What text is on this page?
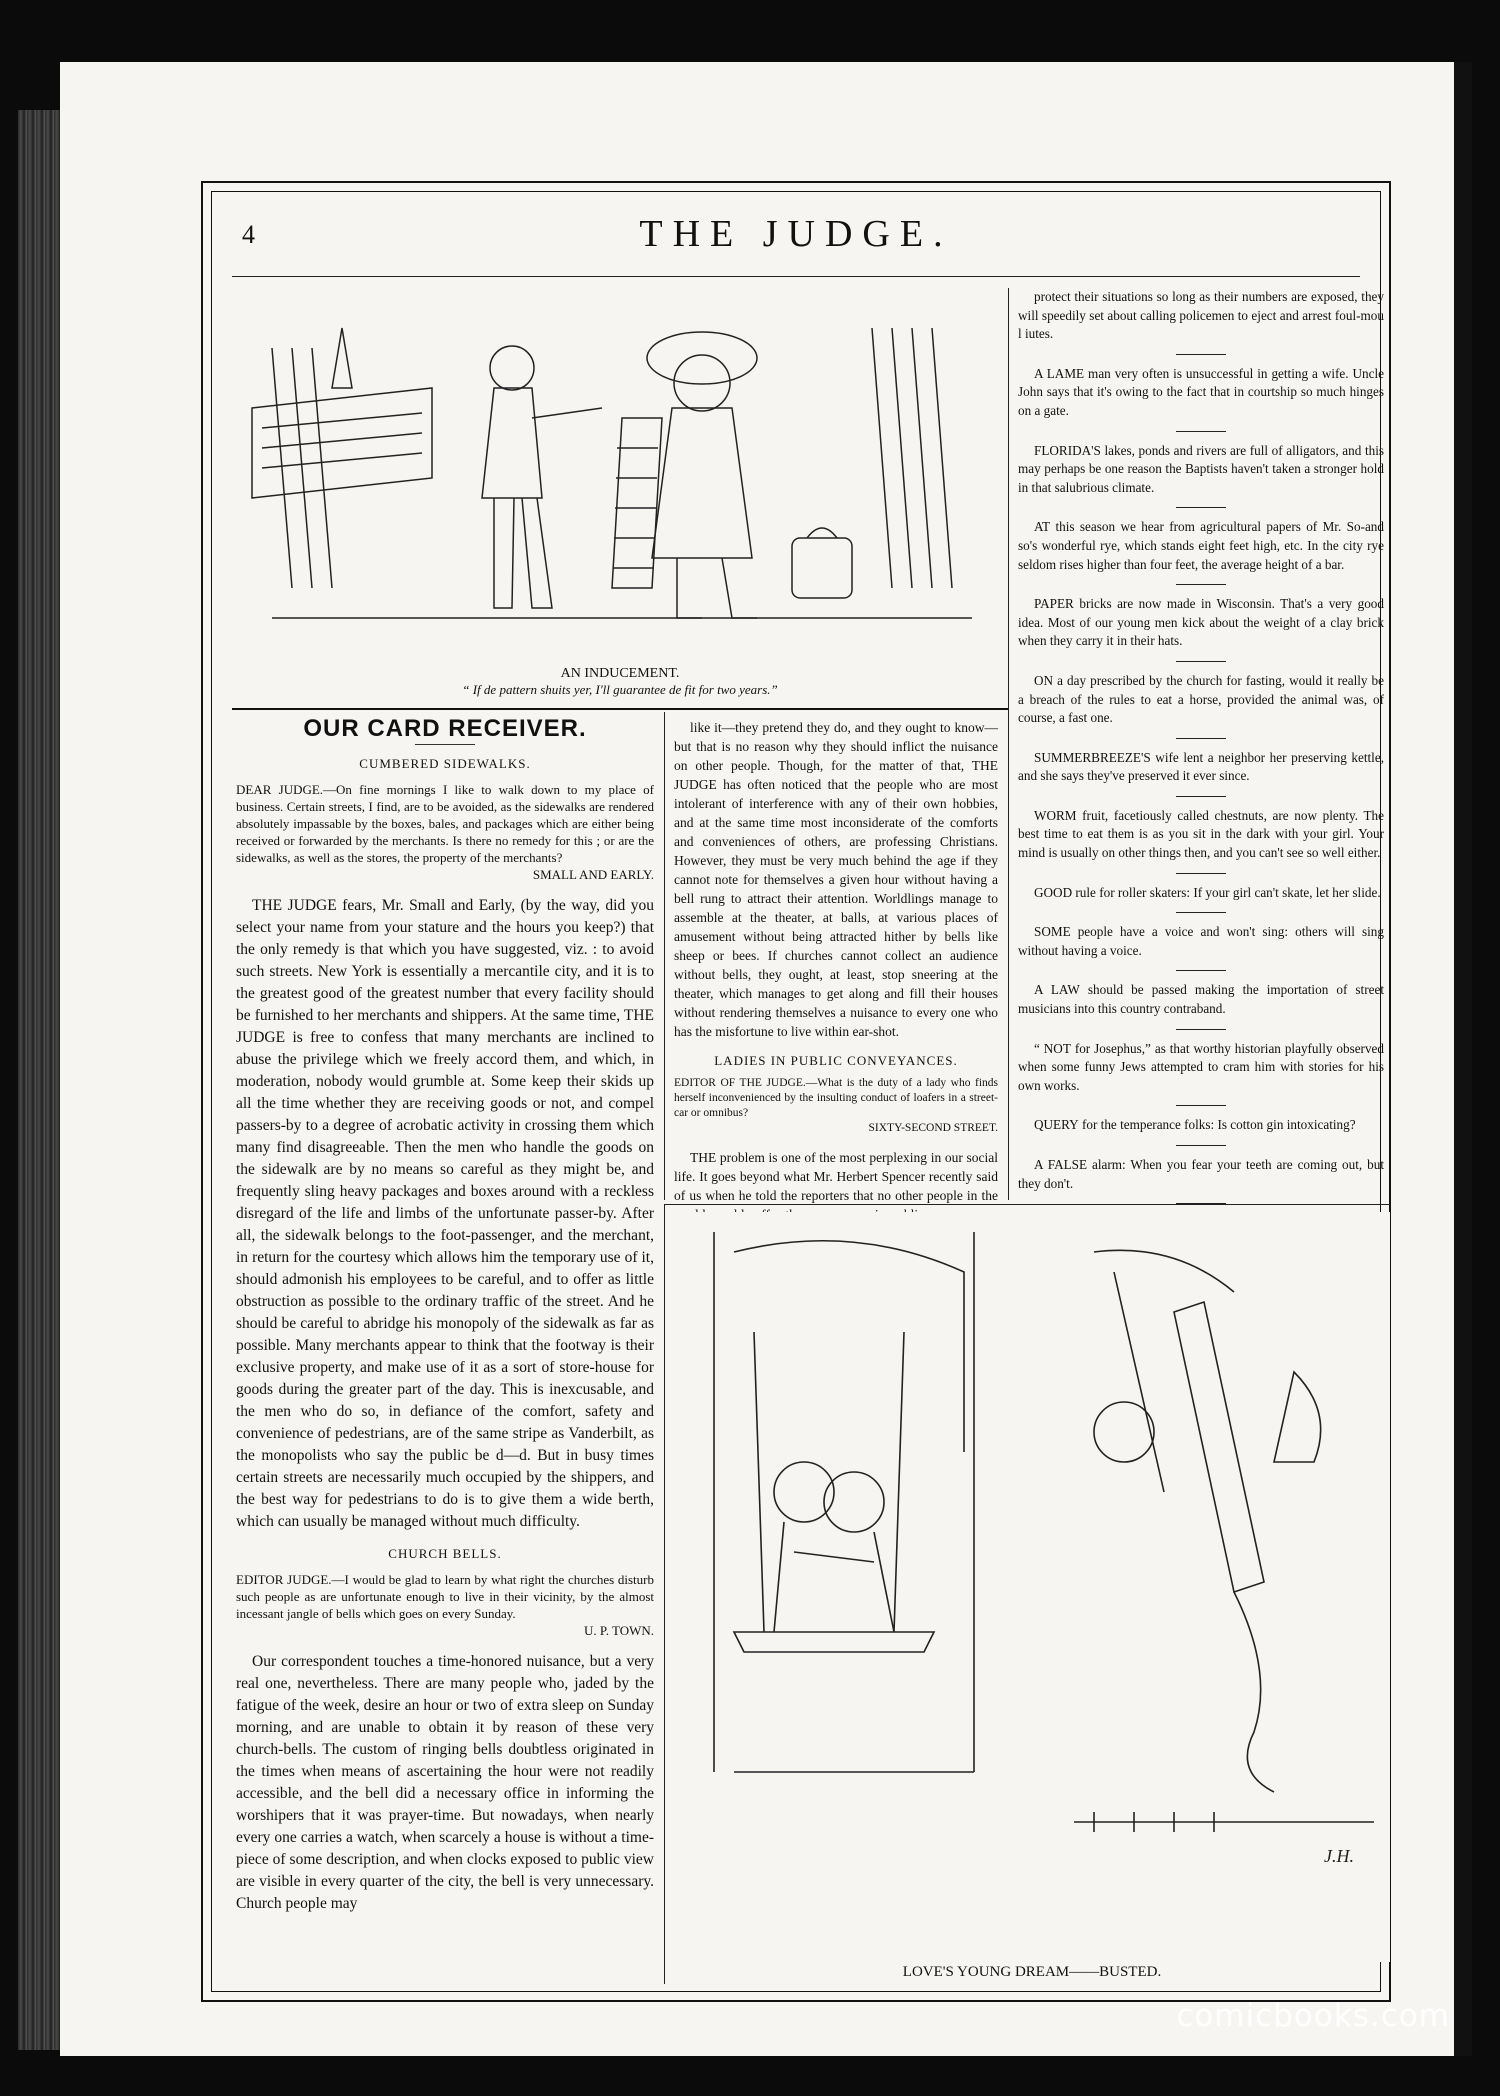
4	THE JUDGE.
AN INDUCEMENT.
“ If de pattern shuits yer, I'll guarantee de fit for two years.”
OUR CARD RECEIVER.
CUMBERED SIDEWALKS.
DEAR JUDGE.—On fine mornings I like to walk down to my place of business. Certain streets, I find, are to be avoided, as the sidewalks are rendered absolutely impassable by the boxes, bales, and packages which are either being received or forwarded by the merchants. Is there no remedy for this ; or are the sidewalks, as well as the stores, the property of the merchants?
SMALL AND EARLY.

THE JUDGE fears, Mr. Small and Early, (by the way, did you select your name from your stature and the hours you keep?) that the only remedy is that which you have suggested, viz. : to avoid such streets. New York is essentially a mercantile city, and it is to the greatest good of the greatest number that every facility should be furnished to her merchants and shippers. At the same time, THE JUDGE is free to confess that many merchants are inclined to abuse the privilege which we freely accord them, and which, in moderation, nobody would grumble at. Some keep their skids up all the time whether they are receiving goods or not, and compel passers-by to a degree of acrobatic activity in crossing them which many find disagreeable. Then the men who handle the goods on the sidewalk are by no means so careful as they might be, and frequently sling heavy packages and boxes around with a reckless disregard of the life and limbs of the unfortunate passer-by. After all, the sidewalk belongs to the foot-passenger, and the merchant, in return for the courtesy which allows him the temporary use of it, should admonish his employees to be careful, and to offer as little obstruction as possible to the ordinary traffic of the street. And he should be careful to abridge his monopoly of the sidewalk as far as possible. Many merchants appear to think that the footway is their exclusive property, and make use of it as a sort of store-house for goods during the greater part of the day. This is inexcusable, and the men who do so, in defiance of the comfort, safety and convenience of pedestrians, are of the same stripe as Vanderbilt, as the monopolists who say the public be d—d. But in busy times certain streets are necessarily much occupied by the shippers, and the best way for pedestrians to do is to give them a wide berth, which can usually be managed without much difficulty.

CHURCH BELLS.
EDITOR JUDGE.—I would be glad to learn by what right the churches disturb such people as are unfortunate enough to live in their vicinity, by the almost incessant jangle of bells which goes on every Sunday.
U. P. TOWN.

Our correspondent touches a time-honored nuisance, but a very real one, nevertheless. There are many people who, jaded by the fatigue of the week, desire an hour or two of extra sleep on Sunday morning, and are unable to obtain it by reason of these very church-bells. The custom of ringing bells doubtless originated in the times when means of ascertaining the hour were not readily accessible, and the bell did a necessary office in informing the worshipers that it was prayer-time. But nowadays, when nearly every one carries a watch, when scarcely a house is without a time-piece of some description, and when clocks exposed to public view are visible in every quarter of the city, the bell is very unnecessary. Church people may

like it—they pretend they do, and they ought to know—but that is no reason why they should inflict the nuisance on other people. Though, for the matter of that, THE JUDGE has often noticed that the people who are most intolerant of interference with any of their own hobbies, and at the same time most inconsiderate of the comforts and conveniences of others, are professing Christians. However, they must be very much behind the age if they cannot note for themselves a given hour without having a bell rung to attract their attention. Worldlings manage to assemble at the theater, at balls, at various places of amusement without being attracted hither by bells like sheep or bees. If churches cannot collect an audience without bells, they ought, at least, stop sneering at the theater, which manages to get along and fill their houses without rendering themselves a nuisance to every one who has the misfortune to live within ear-shot.

LADIES IN PUBLIC CONVEYANCES.
EDITOR OF THE JUDGE.—What is the duty of a lady who finds herself inconvenienced by the insulting conduct of loafers in a street-car or omnibus?
SIXTY-SECOND STREET.

THE problem is one of the most perplexing in our social life. It goes beyond what Mr. Herbert Spencer recently said of us when he told the reporters that no other people in the

protect their situations so long as their numbers are exposed, they will speedily set about calling policemen to eject and arrest foul-mou l iutes.

A LAME man very often is unsuccessful in getting a wife. Uncle John says that it's owing to the fact that in courtship so much hinges on a gate.

FLORIDA'S lakes, ponds and rivers are full of alligators, and this may perhaps be one reason the Baptists haven't taken a stronger hold in that salubrious climate.

AT this season we hear from agricultural papers of Mr. So-and so's wonderful rye, which stands eight feet high, etc. In the city rye seldom rises higher than four feet, the average height of a bar.

PAPER bricks are now made in Wisconsin. That's a very good idea. Most of our young men kick about the weight of a clay brick when they carry it in their hats.

ON a day prescribed by the church for fasting, would it really be a breach of the rules to eat a horse, provided the animal was, of course, a fast one.

SUMMERBREEZE'S wife lent a neighbor her preserving kettle, and she says they've preserved it ever since.

WORM fruit, facetiously called chestnuts, are now plenty. The best time to eat them is as you sit in the dark with your girl. Your mind is usually on other things then, and you can't see so well either.

GOOD rule for roller skaters: If your girl can't skate, let her slide.

SOME people have a voice and won't sing: others will sing without having a voice.

A LAW should be passed making the importation of street musicians into this country contraband.

“ NOT for Josephus,” as that worthy historian playfully observed when some funny Jews attempted to cram him with stories for his own works.

QUERY for the temperance folks: Is cotton gin intoxicating?

A FALSE alarm: When you fear your teeth are coming out, but they don't.

J.H.
LOVE'S YOUNG DREAM——BUSTED.
comicbooks.com
